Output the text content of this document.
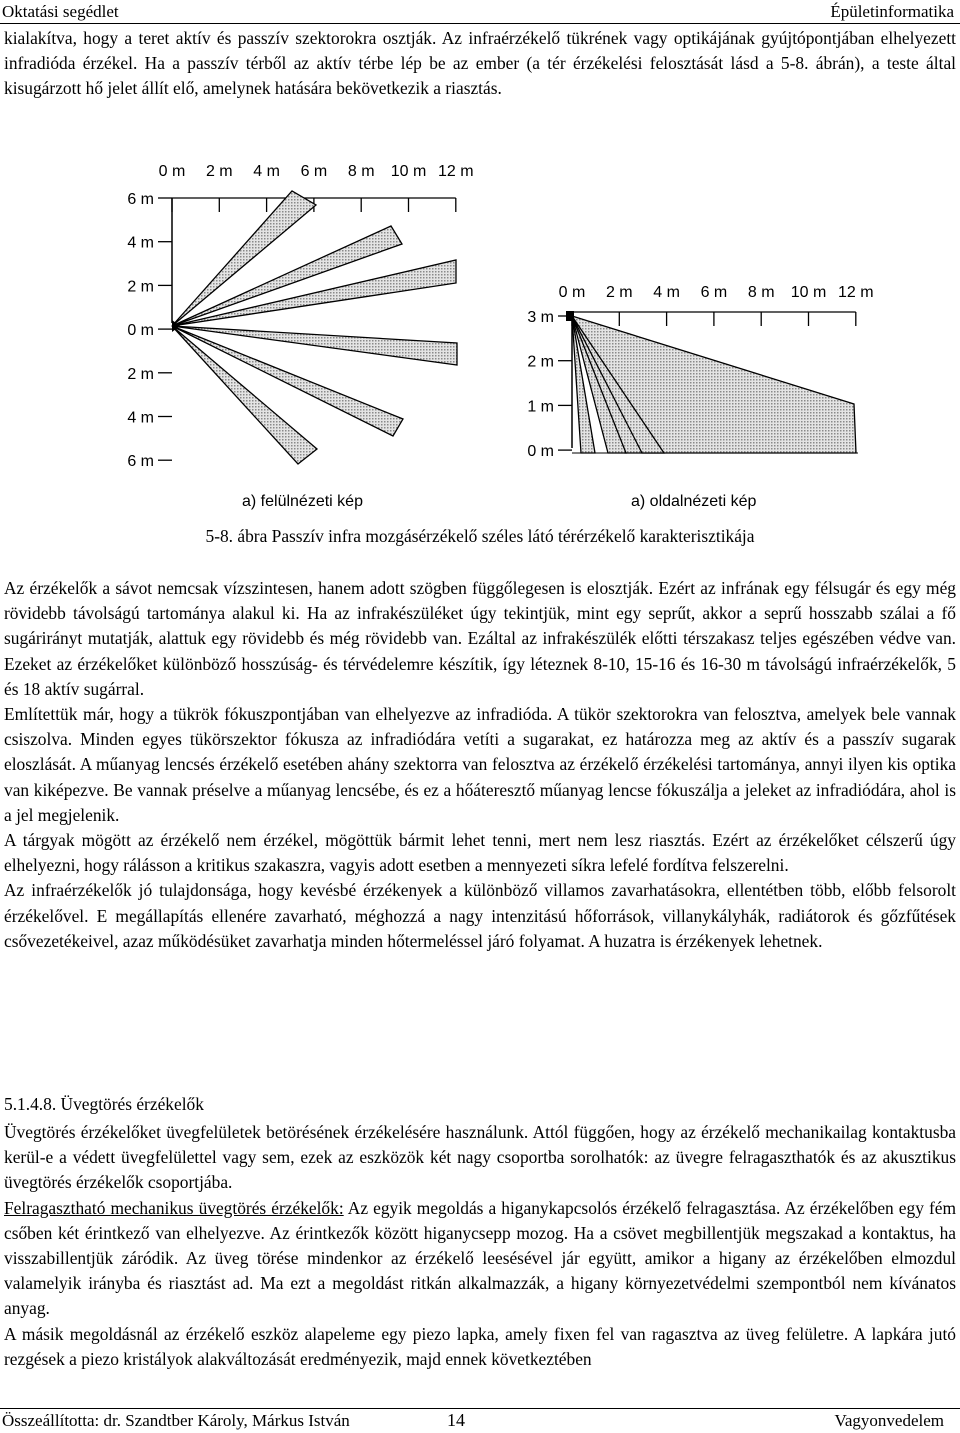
Oktatási segédlet	Épületinformatika

kialakítva, hogy a teret aktív és passzív szektorokra osztják. Az infraérzékelő tükrének vagy optikájának gyújtópontjában elhelyezett infradióda érzékel. Ha a passzív térből az aktív térbe lép be az ember (a tér érzékelési felosztását lásd a 5-8. ábrán), a teste által kisugárzott hő jelet állít elő, amelynek hatására bekövetkezik a riasztás.

0 m 2 m 4 m 6 m 8 m 10 m 12 m
6 m
4 m
2 m
0 m
2 m
4 m
6 m
a) felülnézeti kép
0 m 2 m 4 m 6 m 8 m 10 m 12 m
3 m
2 m
1 m
0 m
a) oldalnézeti kép

5-8. ábra Passzív infra mozgásérzékelő széles látó térérzékelő karakterisztikája

Az érzékelők a sávot nemcsak vízszintesen, hanem adott szögben függőlegesen is elosztják. Ezért az infrának egy félsugár és egy még rövidebb távolságú tartománya alakul ki. Ha az infrakészüléket úgy tekintjük, mint egy seprűt, akkor a seprű hosszabb szálai a fő sugárirányt mutatják, alattuk egy rövidebb és még rövidebb van. Ezáltal az infrakészülék előtti térszakasz teljes egészében védve van. Ezeket az érzékelőket különböző hosszúság- és térvédelemre készítik, így léteznek 8-10, 15-16 és 16-30 m távolságú infraérzékelők, 5 és 18 aktív sugárral.
Említettük már, hogy a tükrök fókuszpontjában van elhelyezve az infradióda. A tükör szektorokra van felosztva, amelyek bele vannak csiszolva. Minden egyes tükörszektor fókusza az infradiódára vetíti a sugarakat, ez határozza meg az aktív és a passzív sugarak eloszlását. A műanyag lencsés érzékelő esetében ahány szektorra van felosztva az érzékelő érzékelési tartománya, annyi ilyen kis optika van kiképezve. Be vannak préselve a műanyag lencsébe, és ez a hőáteresztő műanyag lencse fókuszálja a jeleket az infradiódára, ahol is a jel megjelenik.
A tárgyak mögött az érzékelő nem érzékel, mögöttük bármit lehet tenni, mert nem lesz riasztás. Ezért az érzékelőket célszerű úgy elhelyezni, hogy rálásson a kritikus szakaszra, vagyis adott esetben a mennyezeti síkra lefelé fordítva felszerelni.
Az infraérzékelők jó tulajdonsága, hogy kevésbé érzékenyek a különböző villamos zavarhatásokra, ellentétben több, előbb felsorolt érzékelővel. E megállapítás ellenére zavarható, méghozzá a nagy intenzitású hőforrások, villanykályhák, radiátorok és gőzfűtések csővezetékeivel, azaz működésüket zavarhatja minden hőtermeléssel járó folyamat. A huzatra is érzékenyek lehetnek.

5.1.4.8. Üvegtörés érzékelők

Üvegtörés érzékelőket üvegfelületek betörésének érzékelésére használunk. Attól függően, hogy az érzékelő mechanikailag kontaktusba kerül-e a védett üvegfelülettel vagy sem, ezek az eszközök két nagy csoportba sorolhatók: az üvegre felragaszthatók és az akusztikus üvegtörés érzékelők csoportjába.
Felragasztható mechanikus üvegtörés érzékelők: Az egyik megoldás a higanykapcsolós érzékelő felragasztása. Az érzékelőben egy fém csőben két érintkező van elhelyezve. Az érintkezők között higanycsepp mozog. Ha a csövet megbillentjük megszakad a kontaktus, ha visszabillentjük záródik. Az üveg törése mindenkor az érzékelő leesésével jár együtt, amikor a higany az érzékelőben elmozdul valamelyik irányba és riasztást ad. Ma ezt a megoldást ritkán alkalmazzák, a higany környezetvédelmi szempontból nem kívánatos anyag.
A másik megoldásnál az érzékelő eszköz alapeleme egy piezo lapka, amely fixen fel van ragasztva az üveg felületre. A lapkára jutó rezgések a piezo kristályok alakváltozását eredményezik, majd ennek következtében
Összeállította: dr. Szandtber Károly, Márkus István	14	Vagyonvedelem
